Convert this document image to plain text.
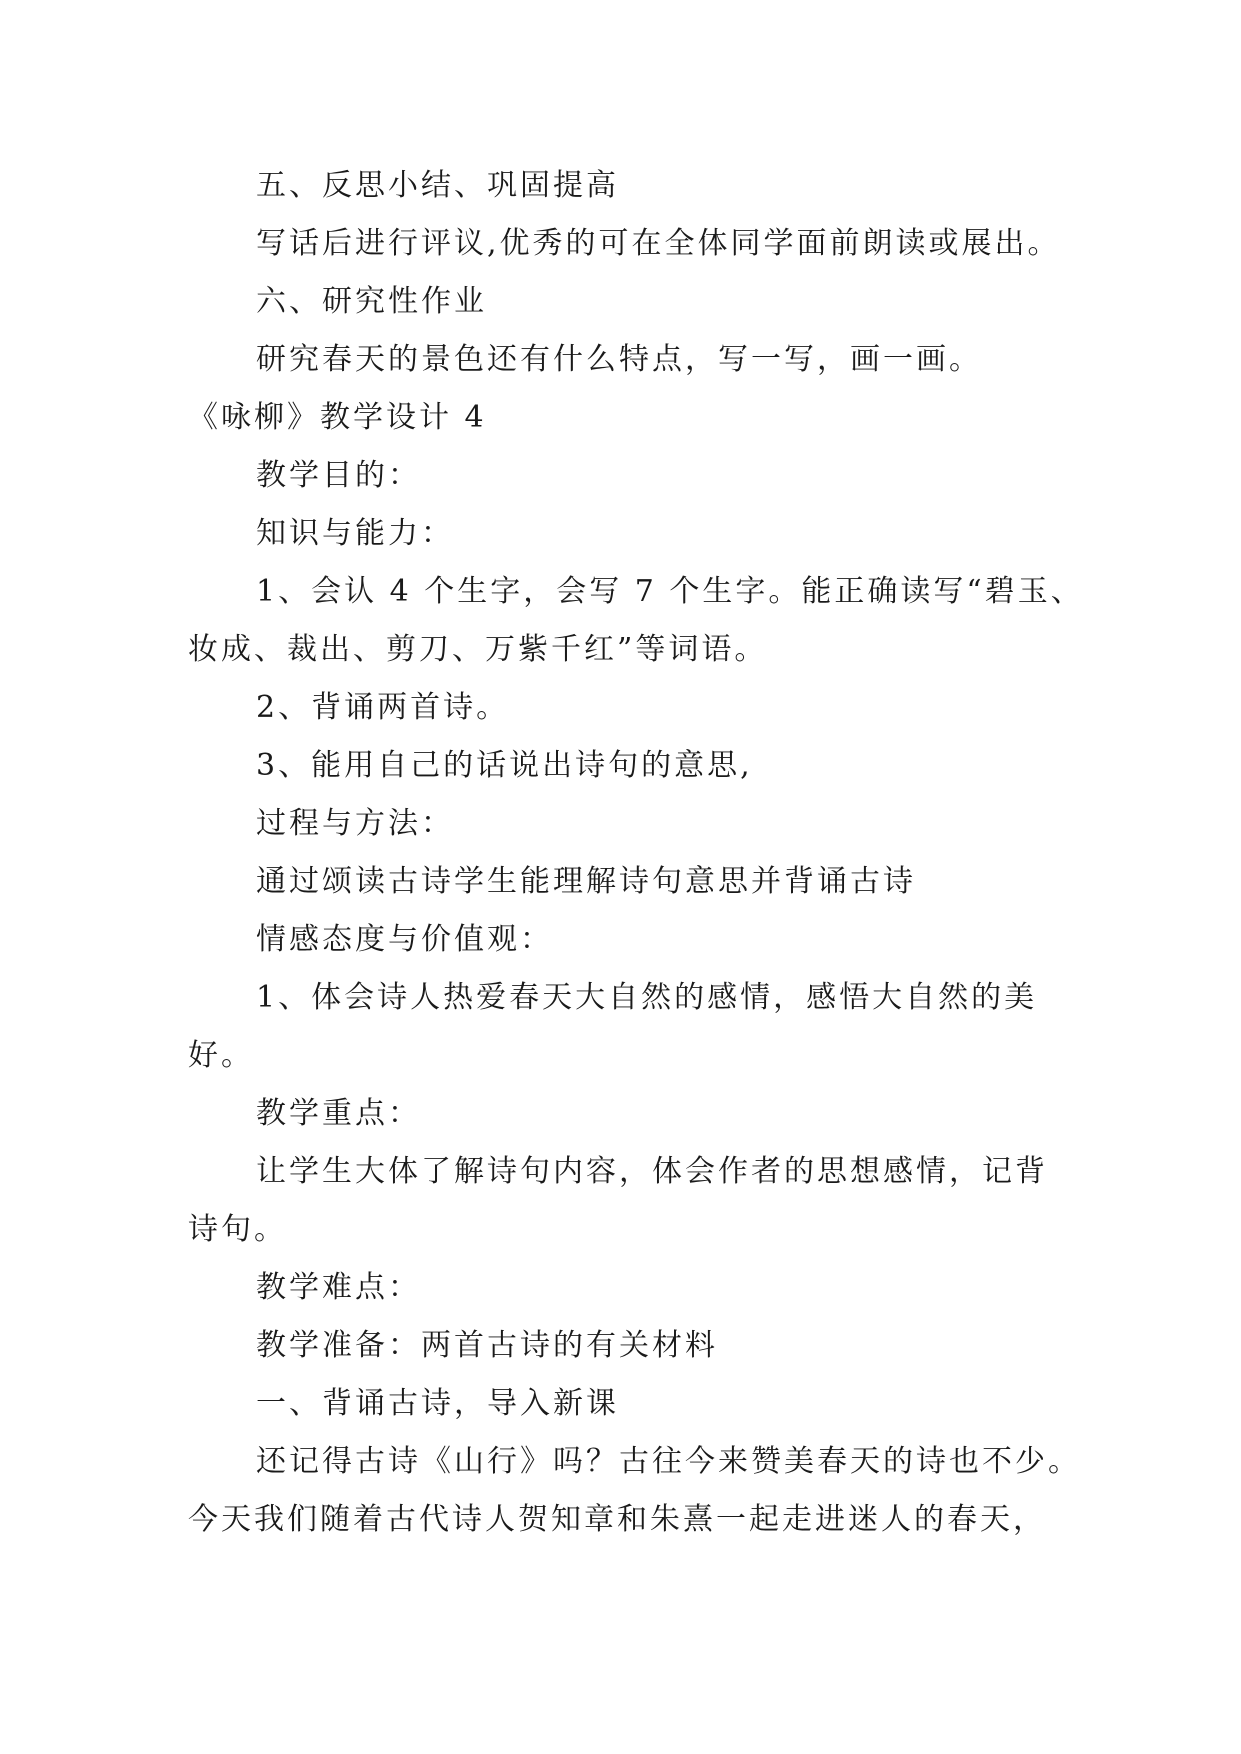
五、反思小结、巩固提高
写话后进行评议,优秀的可在全体同学面前朗读或展出。
六、研究性作业
研究春天的景色还有什么特点，写一写，画一画。
《咏柳》教学设计 4
教学目的：
知识与能力：
1、会认 4 个生字，会写 7 个生字。能正确读写“碧玉、
妆成、裁出、剪刀、万紫千红”等词语。
2、背诵两首诗。
3、能用自己的话说出诗句的意思,
过程与方法：
通过颂读古诗学生能理解诗句意思并背诵古诗
情感态度与价值观：
1、体会诗人热爱春天大自然的感情，感悟大自然的美
好。
教学重点：
让学生大体了解诗句内容，体会作者的思想感情，记背
诗句。
教学难点：
教学准备：两首古诗的有关材料
一、背诵古诗，导入新课
还记得古诗《山行》吗？古往今来赞美春天的诗也不少。
今天我们随着古代诗人贺知章和朱熹一起走进迷人的春天，
